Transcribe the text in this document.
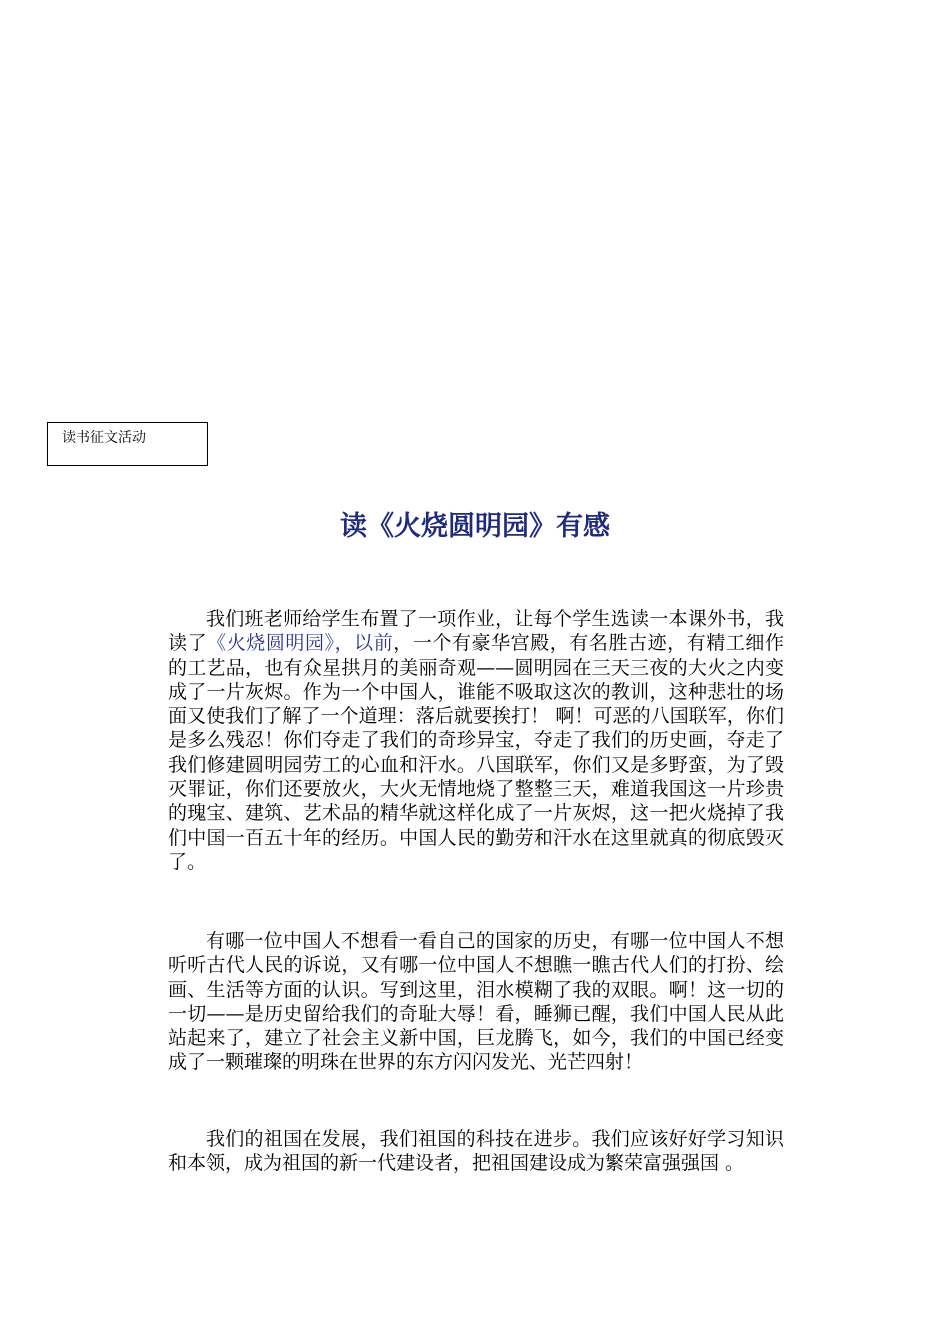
读书征文活动
读《火烧圆明园》有感

我们班老师给学生布置了一项作业，让每个学生选读一本课外书，我读了《火烧圆明园》，以前，一个有豪华宫殿，有名胜古迹，有精工细作的工艺品，也有众星拱月的美丽奇观——圆明园在三天三夜的大火之内变成了一片灰烬。作为一个中国人，谁能不吸取这次的教训，这种悲壮的场面又使我们了解了一个道理：落后就要挨打！ 啊！可恶的八国联军，你们是多么残忍！你们夺走了我们的奇珍异宝，夺走了我们的历史画，夺走了我们修建圆明园劳工的心血和汗水。八国联军，你们又是多野蛮，为了毁灭罪证，你们还要放火，大火无情地烧了整整三天，难道我国这一片珍贵的瑰宝、建筑、艺术品的精华就这样化成了一片灰烬，这一把火烧掉了我们中国一百五十年的经历。中国人民的勤劳和汗水在这里就真的彻底毁灭了。

有哪一位中国人不想看一看自己的国家的历史，有哪一位中国人不想听听古代人民的诉说，又有哪一位中国人不想瞧一瞧古代人们的打扮、绘画、生活等方面的认识。写到这里，泪水模糊了我的双眼。啊！这一切的一切——是历史留给我们的奇耻大辱！看，睡狮已醒，我们中国人民从此站起来了，建立了社会主义新中国，巨龙腾飞，如今，我们的中国已经变成了一颗璀璨的明珠在世界的东方闪闪发光、光芒四射！

我们的祖国在发展，我们祖国的科技在进步。我们应该好好学习知识和本领，成为祖国的新一代建设者，把祖国建设成为繁荣富强强国 。
